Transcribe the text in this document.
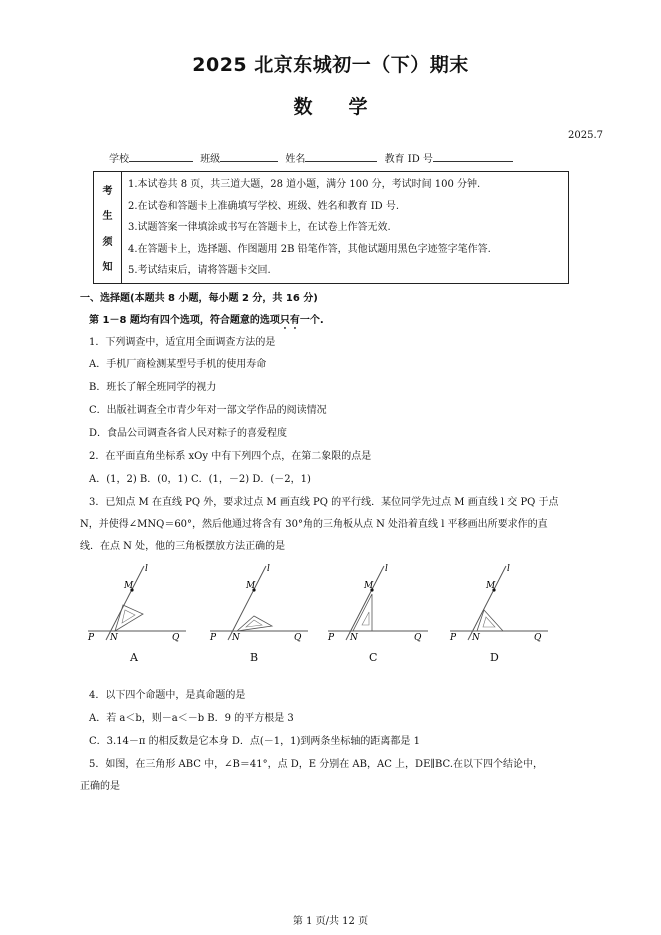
2025 北京东城初一（下）期末
数学
2025.7
学校	班级	姓名	教育 ID 号
考
生
须
知
1.本试卷共 8 页，共三道大题，28 道小题，满分 100 分，考试时间 100 分钟.
2.在试卷和答题卡上准确填写学校、班级、姓名和教育 ID 号.
3.试题答案一律填涂或书写在答题卡上，在试卷上作答无效.
4.在答题卡上，选择题、作图题用 2B 铅笔作答，其他试题用黑色字迹签字笔作答.
5.考试结束后，请将答题卡交回.
一、选择题(本题共 8 小题，每小题 2 分，共 16 分)
第 1－8 题均有四个选项，符合题意的选项只有一个.
1．下列调查中，适宜用全面调查方法的是
A．手机厂商检测某型号手机的使用寿命
B．班长了解全班同学的视力
C．出版社调查全市青少年对一部文学作品的阅读情况
D．食品公司调查各省人民对粽子的喜爱程度
2．在平面直角坐标系 xOy 中有下列四个点，在第二象限的点是
A．(1，2) B．(0，1) C．(1，－2) D．(－2，1)
3．已知点 M 在直线 PQ 外，要求过点 M 画直线 PQ 的平行线．某位同学先过点 M 画直线 l 交 PQ 于点
N，并使得∠MNQ＝60°，然后他通过将含有 30°角的三角板从点 N 处沿着直线 l 平移画出所要求作的直
线．在点 N 处，他的三角板摆放方法正确的是
l
M
P N	Q
A
l
M
P N	Q
B
l
M
P N	Q
C
l
M
P N	Q
D
4．以下四个命题中，是真命题的是
A．若 a＜b，则－a＜－b B．9 的平方根是 3
C．3.14－π 的相反数是它本身 D．点(－1，1)到两条坐标轴的距离都是 1
5．如图，在三角形 ABC 中，∠B＝41°，点 D，E 分别在 AB，AC 上，DE∥BC.在以下四个结论中，
正确的是
第 1 页/共 12 页
